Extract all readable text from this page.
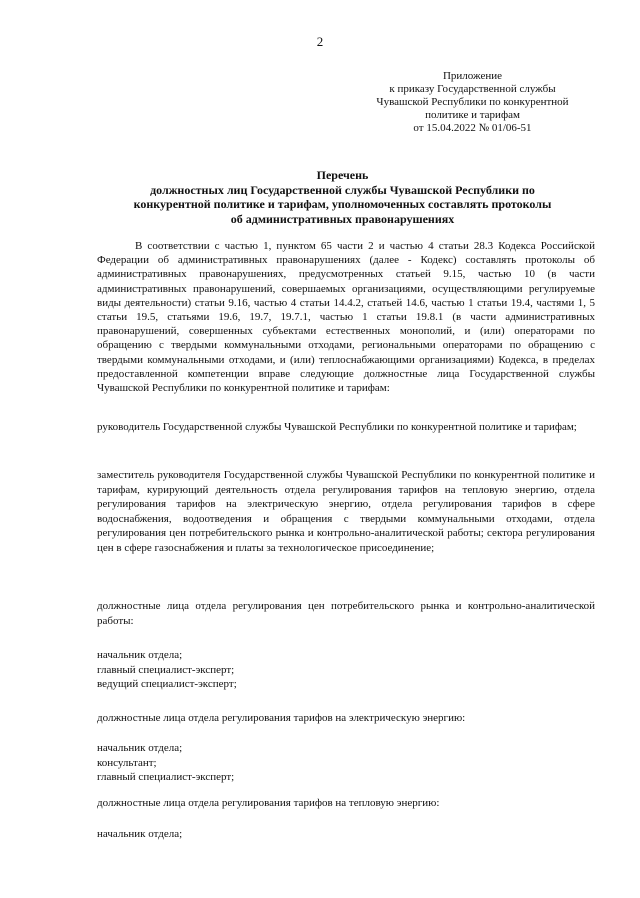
2
Приложение
к приказу Государственной службы
Чувашской Республики по конкурентной
политике и тарифам
от 15.04.2022 № 01/06-51
Перечень
должностных лиц Государственной службы Чувашской Республики по
конкурентной политике и тарифам, уполномоченных составлять протоколы
об административных правонарушениях

В соответствии с частью 1, пунктом 65 части 2 и частью 4 статьи 28.3 Кодекса Российской Федерации об административных правонарушениях (далее - Кодекс) составлять протоколы об административных правонарушениях, предусмотренных статьей 9.15, частью 10 (в части административных правонарушений, совершаемых организациями, осуществляющими регулируемые виды деятельности) статьи 9.16, частью 4 статьи 14.4.2, статьей 14.6, частью 1 статьи 19.4, частями 1, 5 статьи 19.5, статьями 19.6, 19.7, 19.7.1, частью 1 статьи 19.8.1 (в части административных правонарушений, совершенных субъектами естественных монополий, и (или) операторами по обращению с твердыми коммунальными отходами, региональными операторами по обращению с твердыми коммунальными отходами, и (или) теплоснабжающими организациями) Кодекса, в пределах предоставленной компетенции вправе следующие должностные лица Государственной службы Чувашской Республики по конкурентной политике и тарифам:

руководитель Государственной службы Чувашской Республики по конкурентной политике и тарифам;

заместитель руководителя Государственной службы Чувашской Республики по конкурентной политике и тарифам, курирующий деятельность отдела регулирования тарифов на тепловую энергию, отдела регулирования тарифов на электрическую энергию, отдела регулирования тарифов в сфере водоснабжения, водоотведения и обращения с твердыми коммунальными отходами, отдела регулирования цен потребительского рынка и контрольно-аналитической работы; сектора регулирования цен в сфере газоснабжения и платы за технологическое присоединение;

должностные лица отдела регулирования цен потребительского рынка и контрольно-аналитической работы:

начальник отдела;
главный специалист-эксперт;
ведущий специалист-эксперт;

должностные лица отдела регулирования тарифов на электрическую энергию:

начальник отдела;
консультант;
главный специалист-эксперт;

должностные лица отдела регулирования тарифов на тепловую энергию:

начальник отдела;
